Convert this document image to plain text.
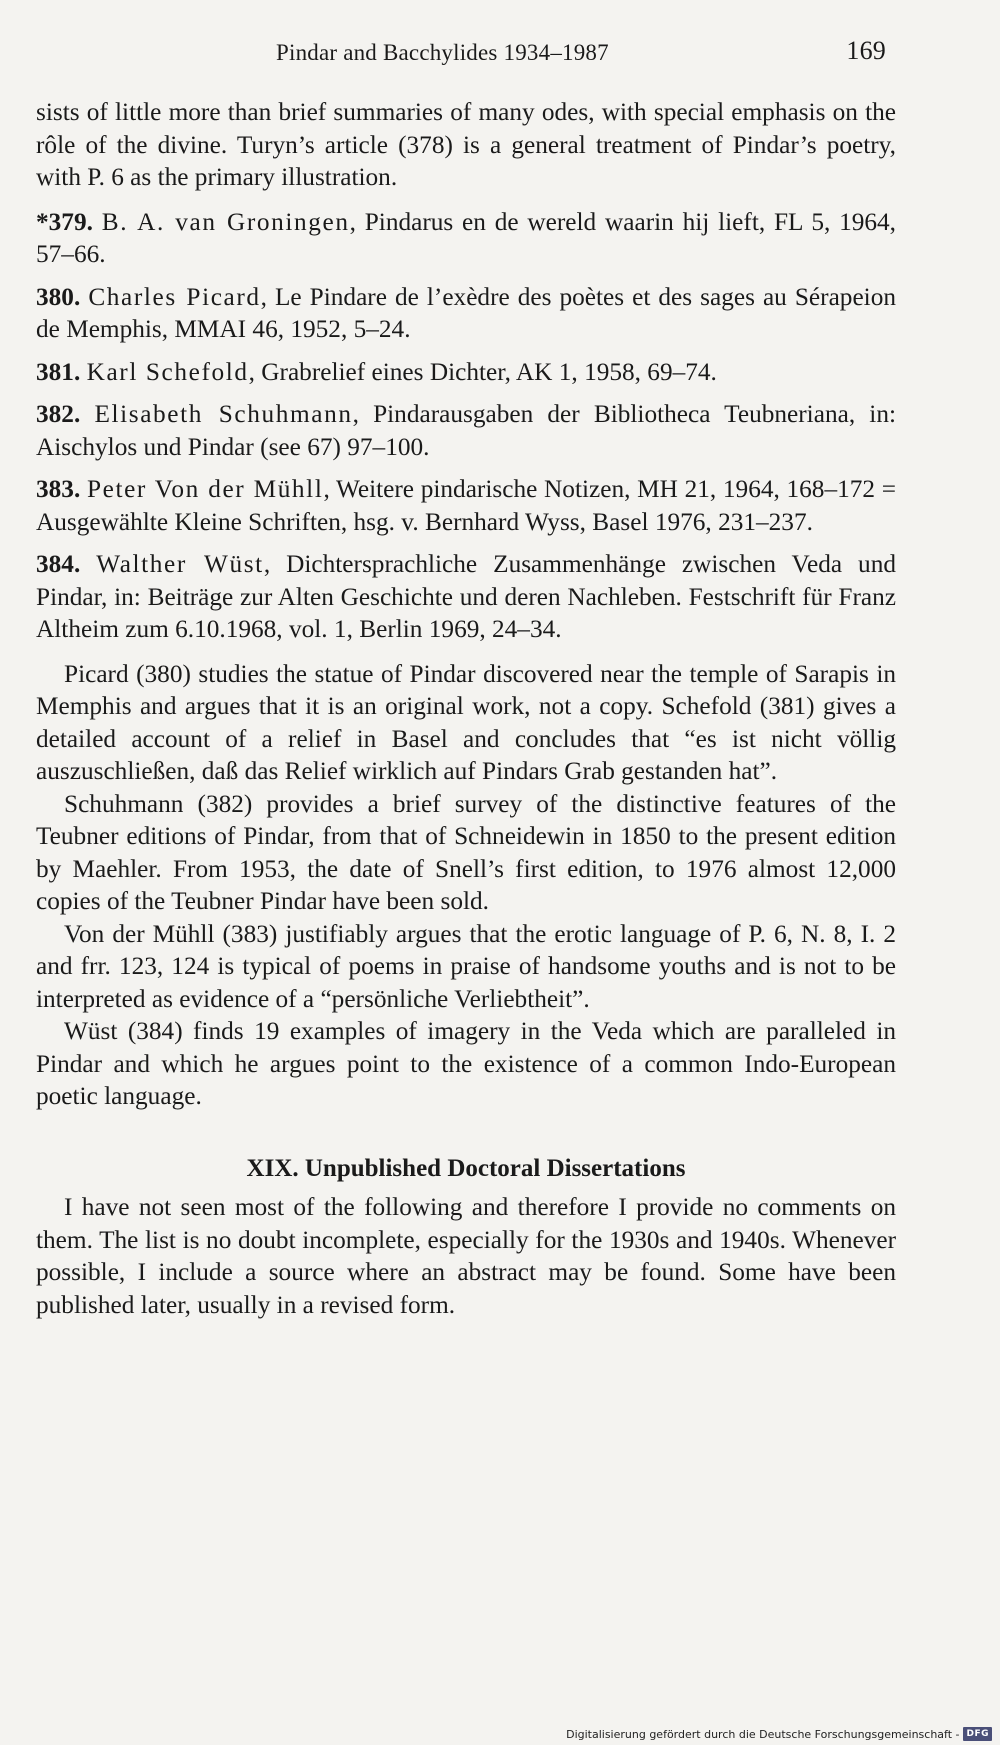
Pindar and Bacchylides 1934–1987	169

sists of little more than brief summaries of many odes, with special emphasis on the rôle of the divine. Turyn’s article (378) is a general treatment of Pindar’s poetry, with P. 6 as the primary illustration.

*379. B. A. van Groningen, Pindarus en de wereld waarin hij lieft, FL 5, 1964, 57–66.

380. Charles Picard, Le Pindare de l’exèdre des poètes et des sages au Sérapeion de Memphis, MMAI 46, 1952, 5–24.

381. Karl Schefold, Grabrelief eines Dichter, AK 1, 1958, 69–74.

382. Elisabeth Schuhmann, Pindarausgaben der Bibliotheca Teubneriana, in: Aischylos und Pindar (see 67) 97–100.

383. Peter Von der Mühll, Weitere pindarische Notizen, MH 21, 1964, 168–172 = Ausgewählte Kleine Schriften, hsg. v. Bernhard Wyss, Basel 1976, 231–237.

384. Walther Wüst, Dichtersprachliche Zusammenhänge zwischen Veda und Pindar, in: Beiträge zur Alten Geschichte und deren Nachleben. Festschrift für Franz Altheim zum 6.10.1968, vol. 1, Berlin 1969, 24–34.

Picard (380) studies the statue of Pindar discovered near the temple of Sarapis in Memphis and argues that it is an original work, not a copy. Schefold (381) gives a detailed account of a relief in Basel and concludes that “es ist nicht völlig auszuschließen, daß das Relief wirklich auf Pindars Grab gestanden hat”.

Schuhmann (382) provides a brief survey of the distinctive features of the Teubner editions of Pindar, from that of Schneidewin in 1850 to the present edition by Maehler. From 1953, the date of Snell’s first edition, to 1976 almost 12,000 copies of the Teubner Pindar have been sold.

Von der Mühll (383) justifiably argues that the erotic language of P. 6, N. 8, I. 2 and frr. 123, 124 is typical of poems in praise of handsome youths and is not to be interpreted as evidence of a “persönliche Verliebtheit”.

Wüst (384) finds 19 examples of imagery in the Veda which are paralleled in Pindar and which he argues point to the existence of a common Indo-European poetic language.

XIX. Unpublished Doctoral Dissertations

I have not seen most of the following and therefore I provide no comments on them. The list is no doubt incomplete, especially for the 1930s and 1940s. Whenever possible, I include a source where an abstract may be found. Some have been published later, usually in a revised form.

Digitalisierung gefördert durch die Deutsche Forschungsgemeinschaft - DFG
